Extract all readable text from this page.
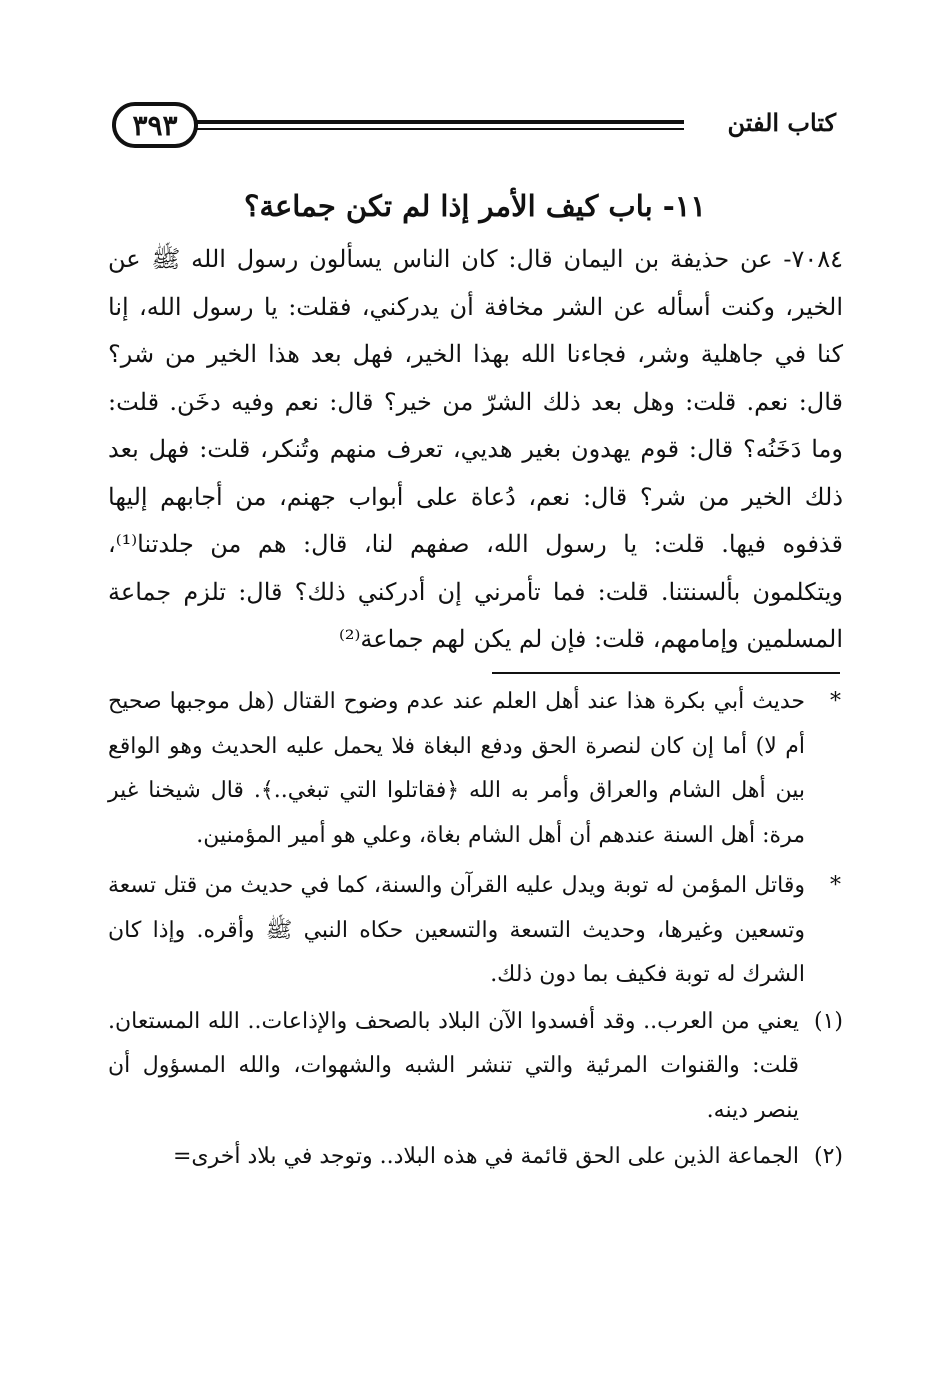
كتاب الفتن
٣٩٣
١١- باب كيف الأمر إذا لم تكن جماعة؟

٧٠٨٤- عن حذيفة بن اليمان قال: كان الناس يسألون رسول الله ﷺ عن الخير، وكنت أسأله عن الشر مخافة أن يدركني، فقلت: يا رسول الله، إنا كنا في جاهلية وشر، فجاءنا الله بهذا الخير، فهل بعد هذا الخير من شر؟ قال: نعم. قلت: وهل بعد ذلك الشرّ من خير؟ قال: نعم وفيه دخَن. قلت: وما دَخَنُه؟ قال: قوم يهدون بغير هديي، تعرف منهم وتُنكر، قلت: فهل بعد ذلك الخير من شر؟ قال: نعم، دُعاة على أبواب جهنم، من أجابهم إليها قذفوه فيها. قلت: يا رسول الله، صفهم لنا، قال: هم من جلدتنا⁽¹⁾، ويتكلمون بألسنتنا. قلت: فما تأمرني إن أدركني ذلك؟ قال: تلزم جماعة المسلمين وإمامهم، قلت: فإن لم يكن لهم جماعة⁽²⁾

*
حديث أبي بكرة هذا عند أهل العلم عند عدم وضوح القتال (هل موجبها صحيح أم لا) أما إن كان لنصرة الحق ودفع البغاة فلا يحمل عليه الحديث وهو الواقع بين أهل الشام والعراق وأمر به الله ﴿فقاتلوا التي تبغي..﴾. قال شيخنا غير مرة: أهل السنة عندهم أن أهل الشام بغاة، وعلي هو أمير المؤمنين.
*
وقاتل المؤمن له توبة ويدل عليه القرآن والسنة، كما في حديث من قتل تسعة وتسعين وغيرها، وحديث التسعة والتسعين حكاه النبي ﷺ وأقره. وإذا كان الشرك له توبة فكيف بما دون ذلك.
(١)
يعني من العرب.. وقد أفسدوا الآن البلاد بالصحف والإذاعات.. الله المستعان. قلت: والقنوات المرئية والتي تنشر الشبه والشهوات، والله المسؤول أن ينصر دينه.
(٢)
الجماعة الذين على الحق قائمة في هذه البلاد.. وتوجد في بلاد أخرى=
